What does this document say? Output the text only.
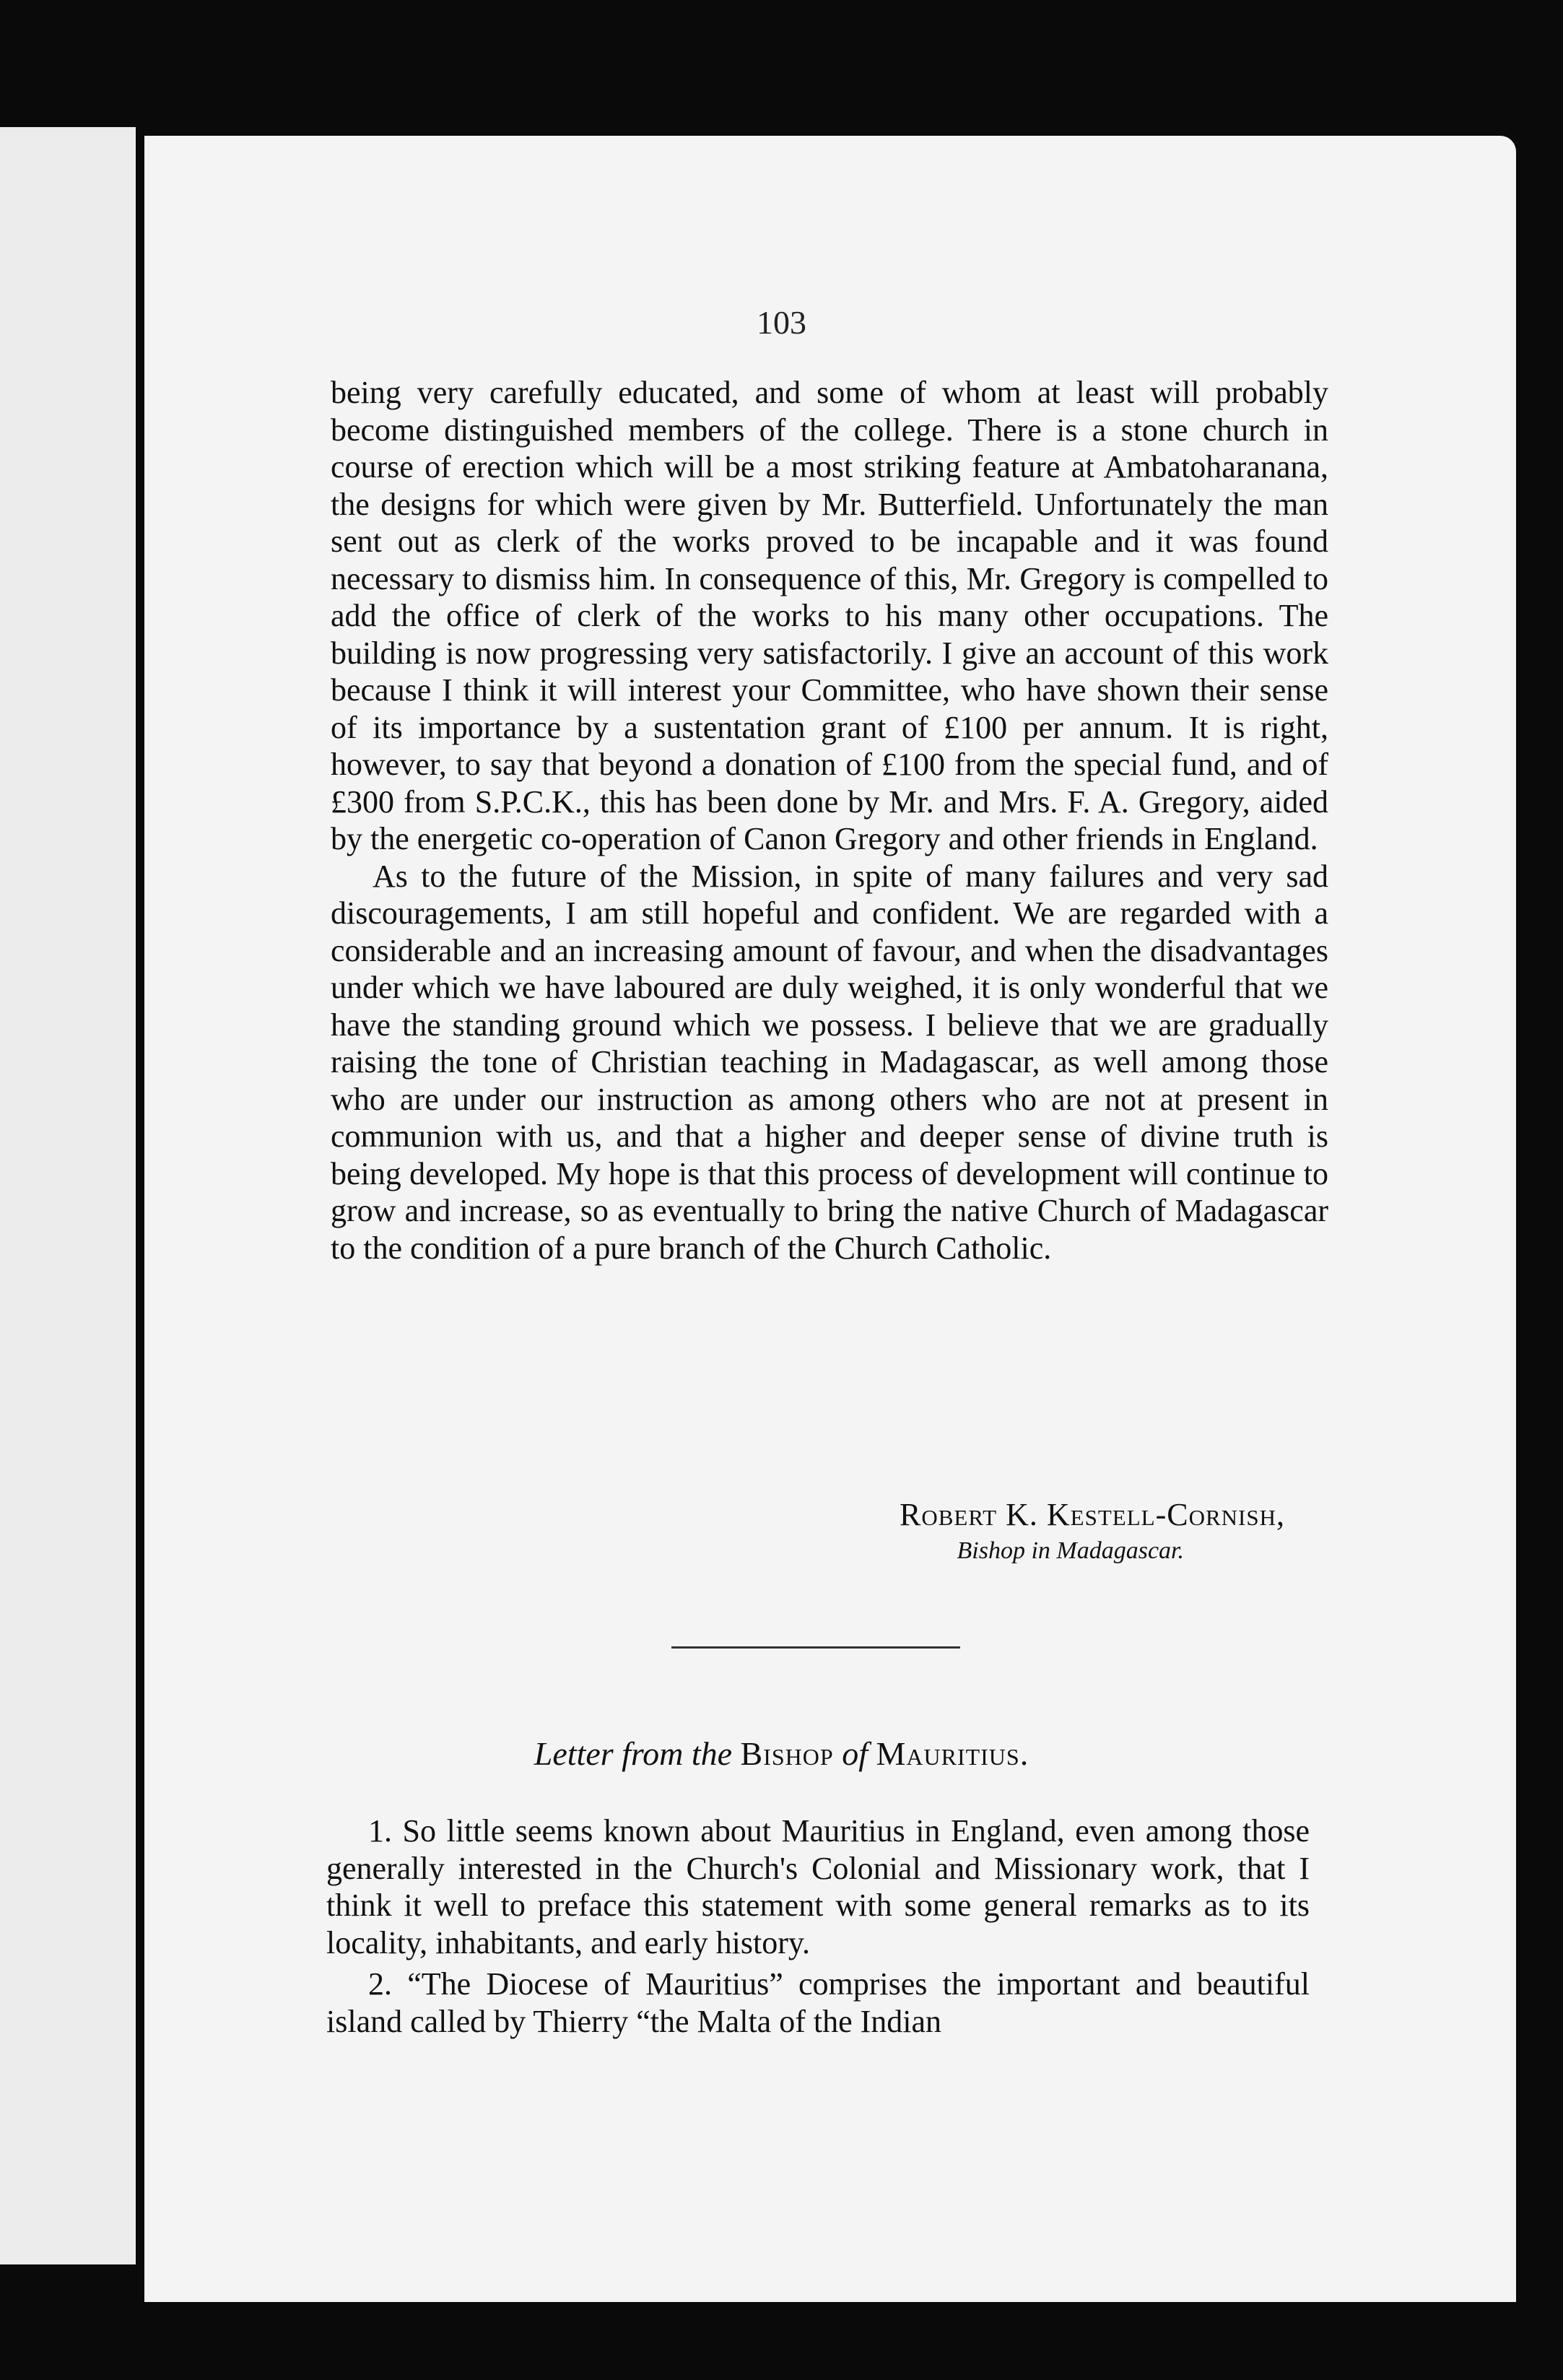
103

being very carefully educated, and some of whom at least will probably become distinguished members of the college. There is a stone church in course of erection which will be a most striking feature at Ambatoharanana, the designs for which were given by Mr. Butterfield. Unfortunately the man sent out as clerk of the works proved to be incapable and it was found necessary to dismiss him. In consequence of this, Mr. Gregory is compelled to add the office of clerk of the works to his many other occupations. The building is now progressing very satisfactorily. I give an account of this work because I think it will interest your Committee, who have shown their sense of its importance by a sustentation grant of £100 per annum. It is right, however, to say that beyond a donation of £100 from the special fund, and of £300 from S.P.C.K., this has been done by Mr. and Mrs. F. A. Gregory, aided by the energetic co-operation of Canon Gregory and other friends in England.

As to the future of the Mission, in spite of many failures and very sad discouragements, I am still hopeful and confident. We are regarded with a considerable and an increasing amount of favour, and when the disadvantages under which we have laboured are duly weighed, it is only wonderful that we have the standing ground which we possess. I believe that we are gradually raising the tone of Christian teaching in Madagascar, as well among those who are under our instruction as among others who are not at present in communion with us, and that a higher and deeper sense of divine truth is being developed. My hope is that this process of development will continue to grow and increase, so as eventually to bring the native Church of Madagascar to the condition of a pure branch of the Church Catholic.

Robert K. Kestell-Cornish,
Bishop in Madagascar.
Letter from the Bishop of Mauritius.

1. So little seems known about Mauritius in England, even among those generally interested in the Church's Colonial and Missionary work, that I think it well to preface this statement with some general remarks as to its locality, inhabitants, and early history.

2. “The Diocese of Mauritius” comprises the important and beautiful island called by Thierry “the Malta of the Indian
